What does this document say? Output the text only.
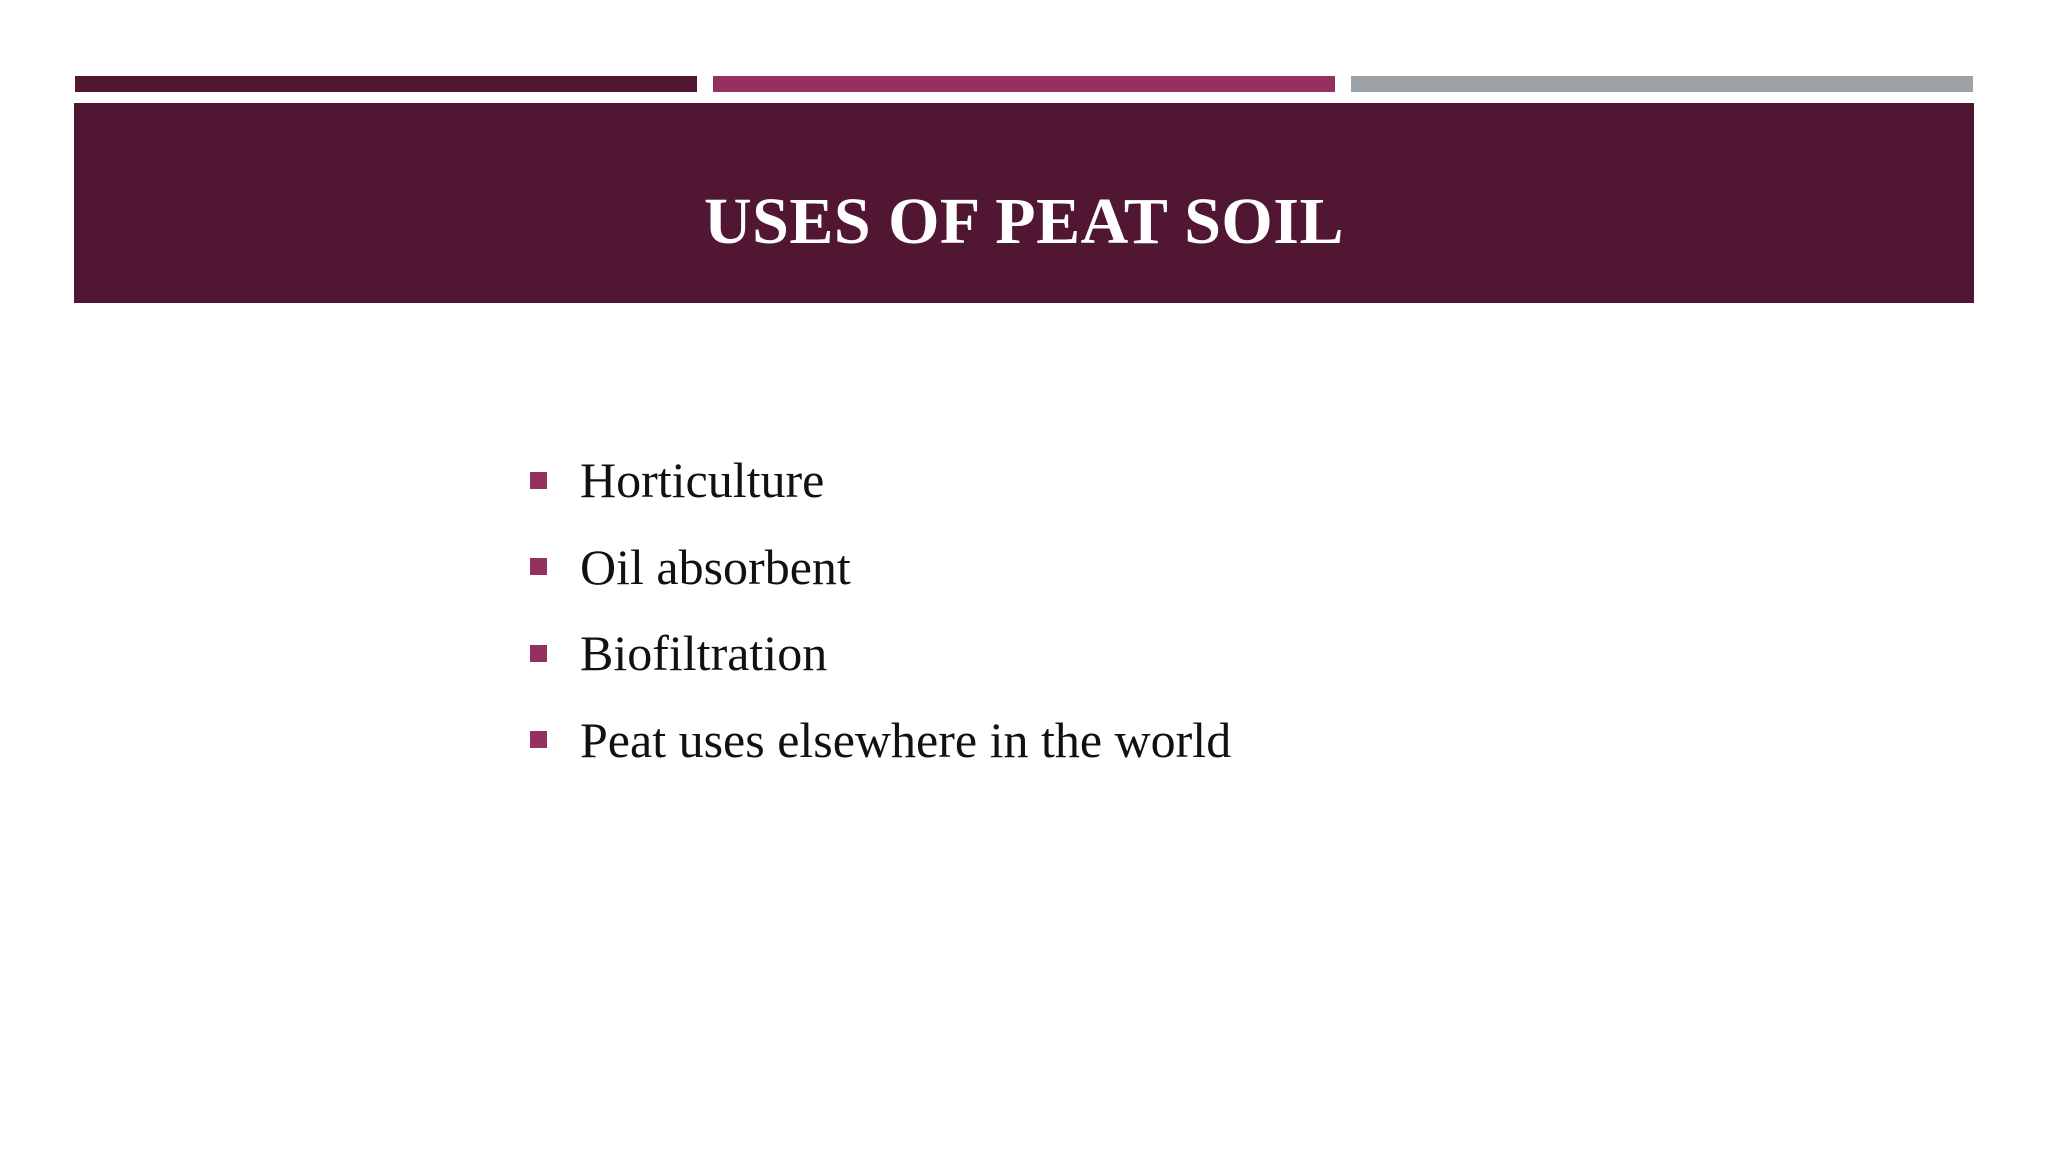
USES OF PEAT SOIL
Horticulture
Oil absorbent
Biofiltration
Peat uses elsewhere in the world
